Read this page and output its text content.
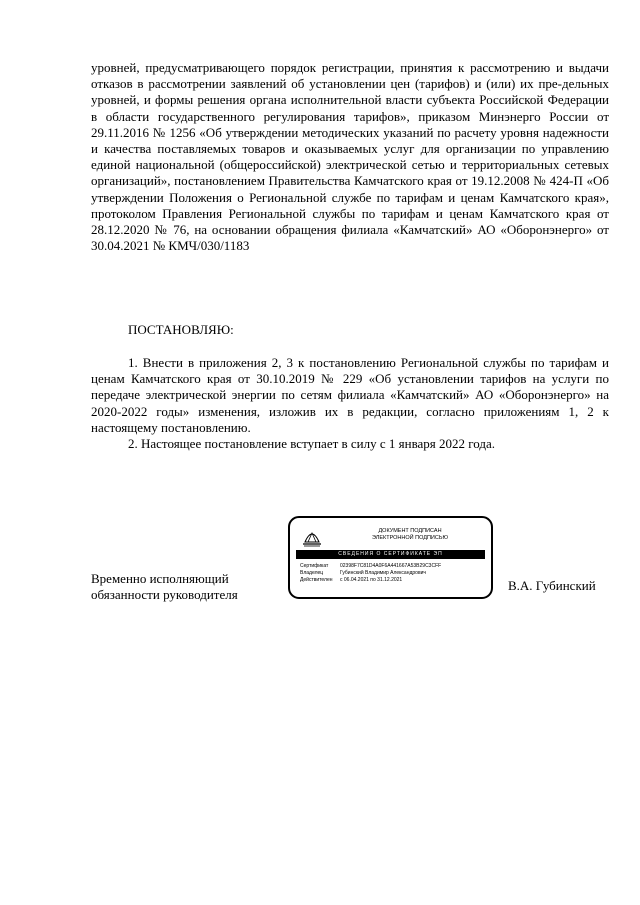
уровней, предусматривающего порядок регистрации, принятия к рассмотрению и выдачи отказов в рассмотрении заявлений об установлении цен (тарифов) и (или) их пре-дельных уровней, и формы решения органа исполнительной власти субъекта Российской Федерации в области государственного регулирования тарифов», приказом Минэнерго России от 29.11.2016 № 1256 «Об утверждении методических указаний по расчету уровня надежности и качества поставляемых товаров и оказываемых услуг для организации по управлению единой национальной (общероссийской) электрической сетью и территориальных сетевых организаций», постановлением Правительства Камчатского края от 19.12.2008 № 424-П «Об утверждении Положения о Региональной службе по тарифам и ценам Камчатского края», протоколом Правления Региональной службы по тарифам и ценам Камчатского края от 28.12.2020 № 76, на основании обращения филиала «Камчатский» АО «Оборонэнерго» от 30.04.2021 № КМЧ/030/1183

ПОСТАНОВЛЯЮ:

1. Внести в приложения 2, 3 к постановлению Региональной службы по тарифам и ценам Камчатского края от 30.10.2019 № 229 «Об установлении тарифов на услуги по передаче электрической энергии по сетям филиала «Камчатский» АО «Оборонэнерго» на 2020-2022 годы» изменения, изложив их в редакции, согласно приложениям 1, 2 к настоящему постановлению.

2. Настоящее постановление вступает в силу с 1 января 2022 года.

Временно исполняющий
обязанности руководителя
ДОКУМЕНТ ПОДПИСАН
ЭЛЕКТРОННОЙ ПОДПИСЬЮ
СВЕДЕНИЯ О СЕРТИФИКАТЕ ЭП
Сертификат	02398F7C81D4A0F6A441667A53B29C3CFF
Владелец	Губинский Владимир Александрович
Действителен	с 06.04.2021 по 31.12.2021	В.А. Губинский
